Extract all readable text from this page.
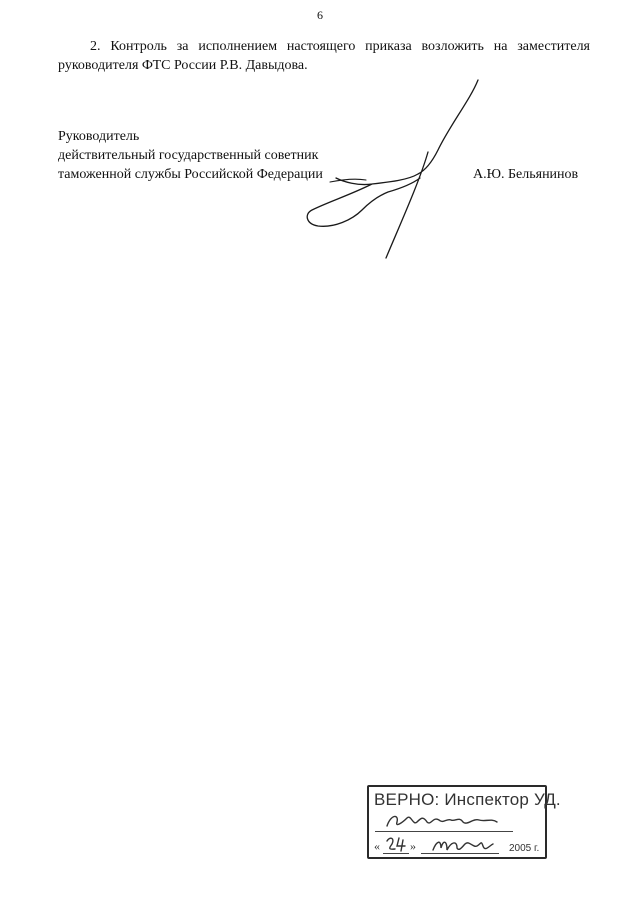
6
2. Контроль за исполнением настоящего приказа возложить на заместителя
руководителя ФТС России Р.В. Давыдова.
Руководитель
действительный государственный советник
таможенной службы Российской Федерации	А.Ю. Бельянинов
ВЕРНО: Инспектор УД.
«	»	2005 г.
